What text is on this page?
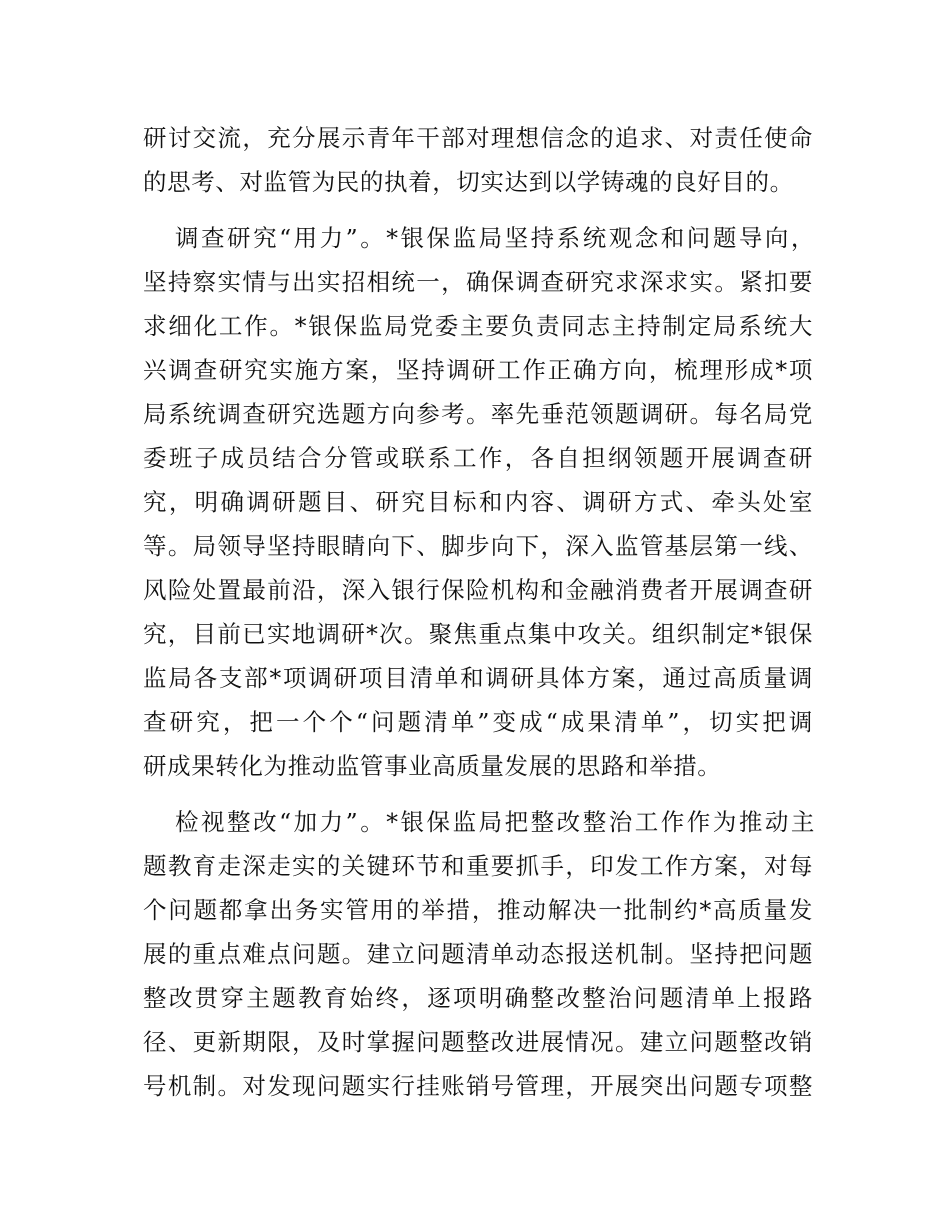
研讨交流，充分展示青年干部对理想信念的追求、对责任使命
的思考、对监管为民的执着，切实达到以学铸魂的良好目的。
调查研究“用力”。*银保监局坚持系统观念和问题导向，
坚持察实情与出实招相统一，确保调查研究求深求实。紧扣要
求细化工作。*银保监局党委主要负责同志主持制定局系统大
兴调查研究实施方案，坚持调研工作正确方向，梳理形成*项
局系统调查研究选题方向参考。率先垂范领题调研。每名局党
委班子成员结合分管或联系工作，各自担纲领题开展调查研
究，明确调研题目、研究目标和内容、调研方式、牵头处室
等。局领导坚持眼睛向下、脚步向下，深入监管基层第一线、
风险处置最前沿，深入银行保险机构和金融消费者开展调查研
究，目前已实地调研*次。聚焦重点集中攻关。组织制定*银保
监局各支部*项调研项目清单和调研具体方案，通过高质量调
查研究，把一个个“问题清单”变成“成果清单”，切实把调
研成果转化为推动监管事业高质量发展的思路和举措。
检视整改“加力”。*银保监局把整改整治工作作为推动主
题教育走深走实的关键环节和重要抓手，印发工作方案，对每
个问题都拿出务实管用的举措，推动解决一批制约*高质量发
展的重点难点问题。建立问题清单动态报送机制。坚持把问题
整改贯穿主题教育始终，逐项明确整改整治问题清单上报路
径、更新期限，及时掌握问题整改进展情况。建立问题整改销
号机制。对发现问题实行挂账销号管理，开展突出问题专项整
